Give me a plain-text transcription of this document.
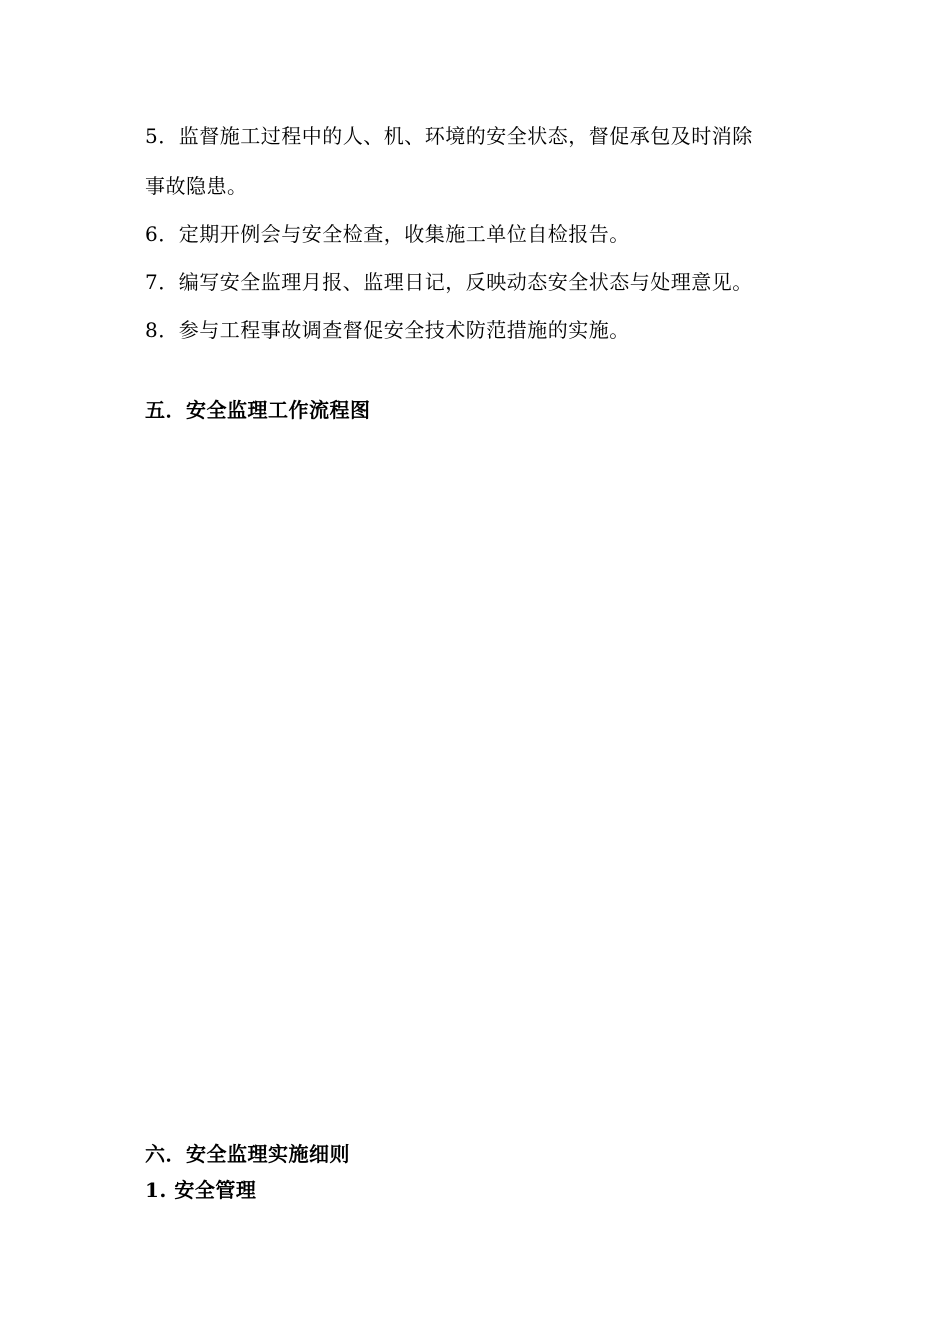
5．监督施工过程中的人、机、环境的安全状态，督促承包及时消除
事故隐患。
6．定期开例会与安全检查，收集施工单位自检报告。
7．编写安全监理月报、监理日记，反映动态安全状态与处理意见。
8．参与工程事故调查督促安全技术防范措施的实施。
五．安全监理工作流程图
六．安全监理实施细则
1. 安全管理
